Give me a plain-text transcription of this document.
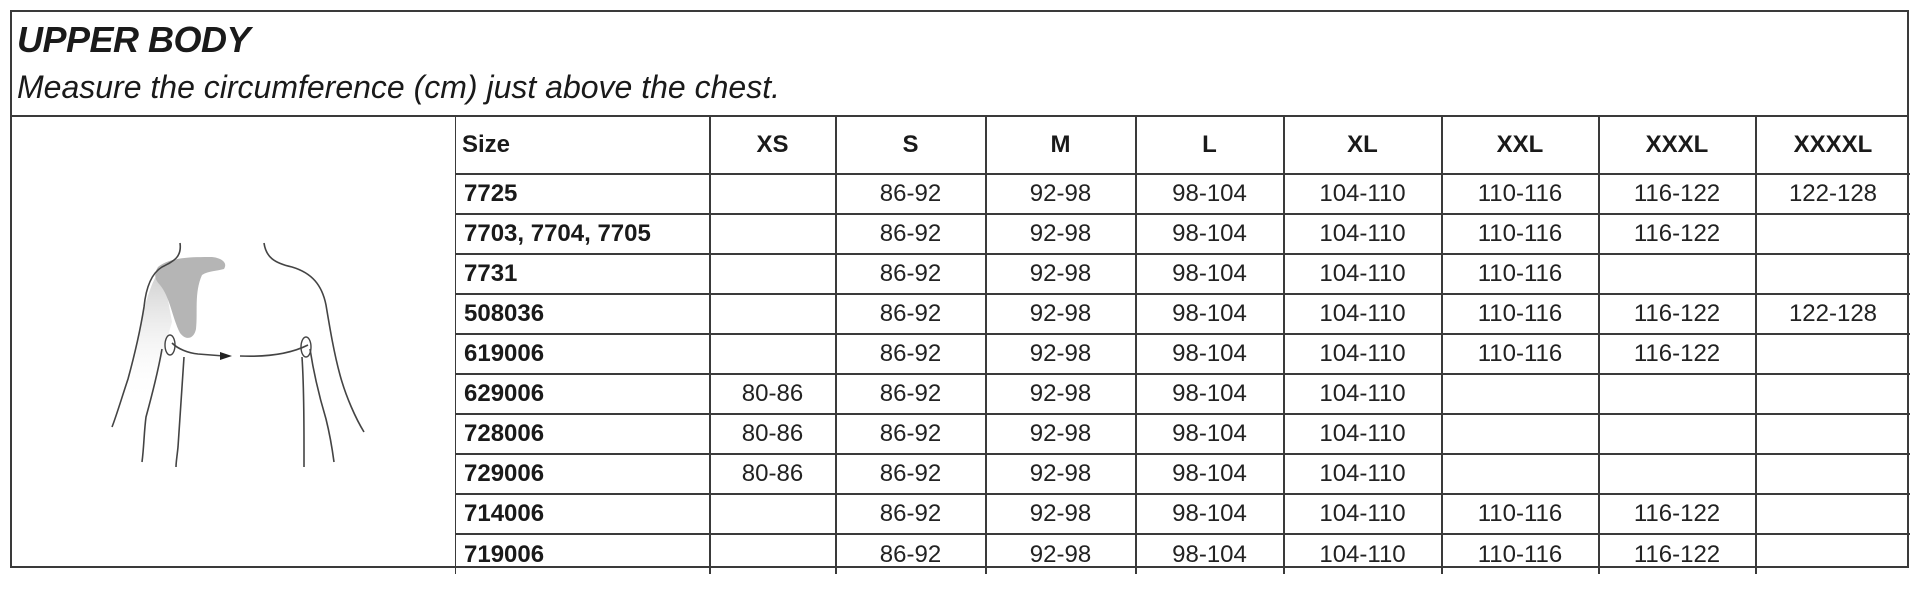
UPPER BODY
Measure the circumference (cm) just above the chest.
Size	XS	S	M	L	XL	XXL	XXXL	XXXXL
7725		86-92	92-98	98-104	104-110	110-116	116-122	122-128
7703, 7704, 7705		86-92	92-98	98-104	104-110	110-116	116-122	
7731		86-92	92-98	98-104	104-110	110-116		
508036		86-92	92-98	98-104	104-110	110-116	116-122	122-128
619006		86-92	92-98	98-104	104-110	110-116	116-122	
629006	80-86	86-92	92-98	98-104	104-110			
728006	80-86	86-92	92-98	98-104	104-110			
729006	80-86	86-92	92-98	98-104	104-110			
714006		86-92	92-98	98-104	104-110	110-116	116-122	
719006		86-92	92-98	98-104	104-110	110-116	116-122	
